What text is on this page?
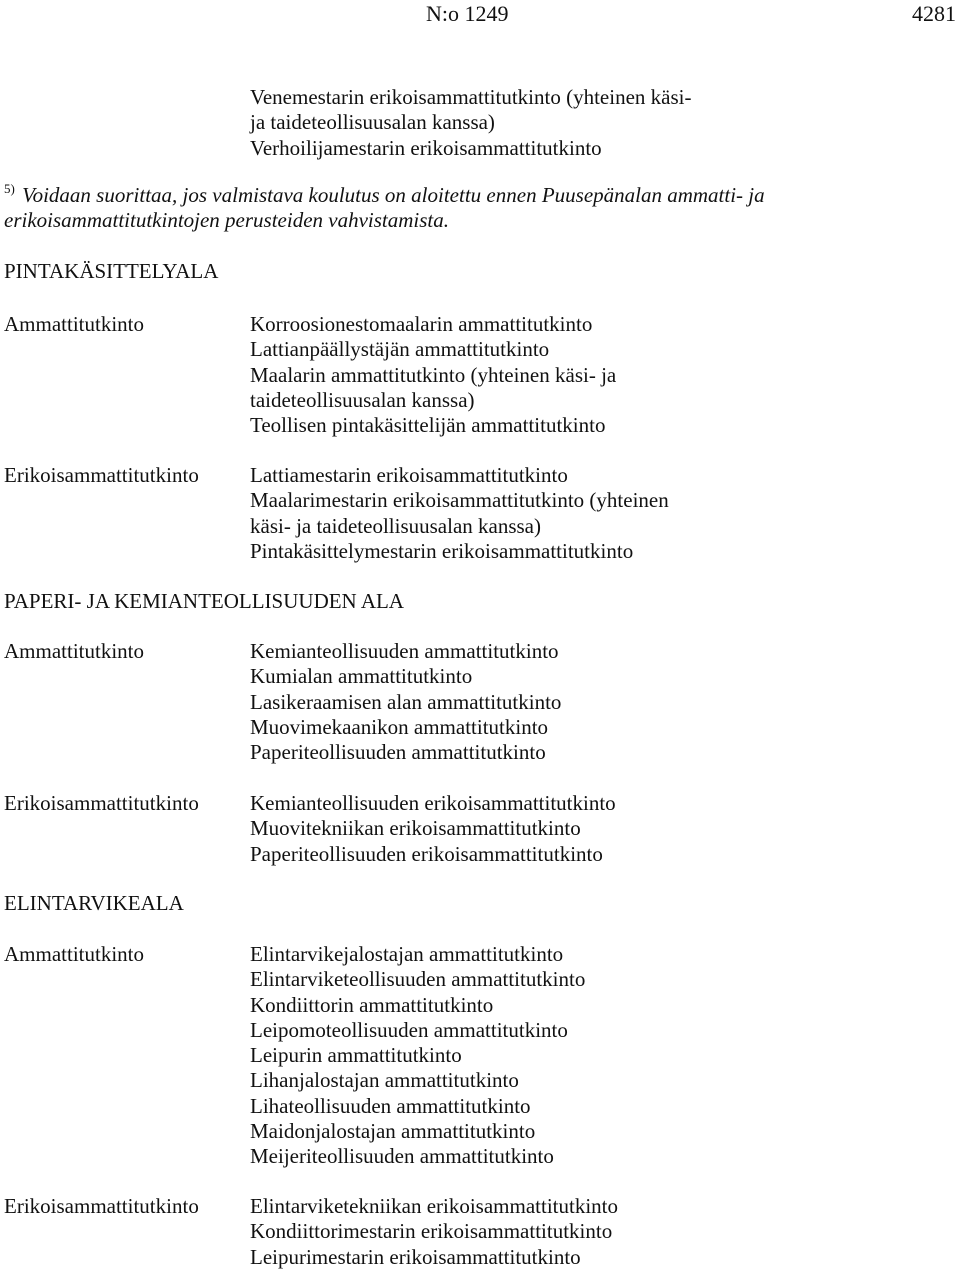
N:o 1249	4281
Venemestarin erikoisammattitutkinto (yhteinen käsi-
ja taideteollisuusalan kanssa)
Verhoilijamestarin erikoisammattitutkinto
$^{5)}$ Voidaan suorittaa, jos valmistava koulutus on aloitettu ennen Puusepänalan ammatti- ja
erikoisammattitutkintojen perusteiden vahvistamista.
PINTAKÄSITTELYALA
Ammattitutkinto	Korroosionestomaalarin ammattitutkinto
Lattianpäällystäjän ammattitutkinto
Maalarin ammattitutkinto (yhteinen käsi- ja
taideteollisuusalan kanssa)
Teollisen pintakäsittelijän ammattitutkinto
Erikoisammattitutkinto Lattiamestarin erikoisammattitutkinto
Maalarimestarin erikoisammattitutkinto (yhteinen
käsi- ja taideteollisuusalan kanssa)
Pintakäsittelymestarin erikoisammattitutkinto
PAPERI- JA KEMIANTEOLLISUUDEN ALA
Ammattitutkinto	Kemianteollisuuden ammattitutkinto
Kumialan ammattitutkinto
Lasikeraamisen alan ammattitutkinto
Muovimekaanikon ammattitutkinto
Paperiteollisuuden ammattitutkinto
Erikoisammattitutkinto Kemianteollisuuden erikoisammattitutkinto
Muovitekniikan erikoisammattitutkinto
Paperiteollisuuden erikoisammattitutkinto
ELINTARVIKEALA
Ammattitutkinto	Elintarvikejalostajan ammattitutkinto
Elintarviketeollisuuden ammattitutkinto
Kondiittorin ammattitutkinto
Leipomoteollisuuden ammattitutkinto
Leipurin ammattitutkinto
Lihanjalostajan ammattitutkinto
Lihateollisuuden ammattitutkinto
Maidonjalostajan ammattitutkinto
Meijeriteollisuuden ammattitutkinto
Erikoisammattitutkinto Elintarviketekniikan erikoisammattitutkinto
Kondiittorimestarin erikoisammattitutkinto
Leipurimestarin erikoisammattitutkinto
